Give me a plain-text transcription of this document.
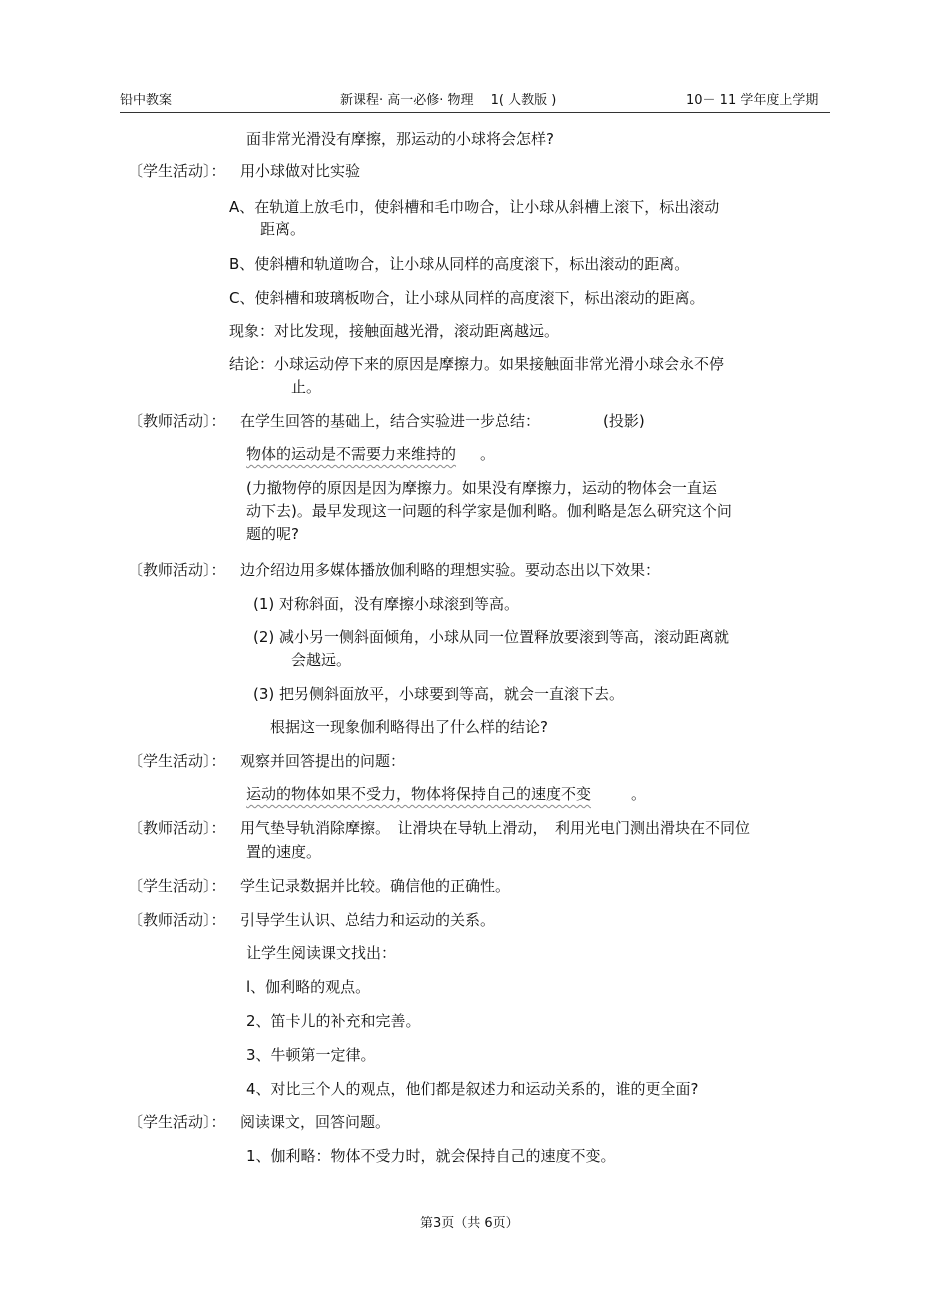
铅中教案	新课程· 高一必修· 物理　 1( 人教版 )	10－ 11 学年度上学期
面非常光滑没有摩擦，那运动的小球将会怎样?
〔学生活动〕： 用小球做对比实验
A、在轨道上放毛巾，使斜槽和毛巾吻合，让小球从斜槽上滚下，标出滚动
距离。
B、使斜槽和轨道吻合，让小球从同样的高度滚下，标出滚动的距离。
C、使斜槽和玻璃板吻合，让小球从同样的高度滚下，标出滚动的距离。
现象：对比发现，接触面越光滑，滚动距离越远。
结论：小球运动停下来的原因是摩擦力。如果接触面非常光滑小球会永不停
止。
〔教师活动〕： 在学生回答的基础上，结合实验进一步总结：	(投影)
物体的运动是不需要力来维持的 。
(力撤物停的原因是因为摩擦力。如果没有摩擦力，运动的物体会一直运
动下去)。最早发现这一问题的科学家是伽利略。伽利略是怎么研究这个问
题的呢?
〔教师活动〕： 边介绍边用多媒体播放伽利略的理想实验。要动态出以下效果：
(1) 对称斜面，没有摩擦小球滚到等高。
(2) 减小另一侧斜面倾角，小球从同一位置释放要滚到等高，滚动距离就
会越远。
(3) 把另侧斜面放平，小球要到等高，就会一直滚下去。
根据这一现象伽利略得出了什么样的结论?
〔学生活动〕： 观察并回答提出的问题：
运动的物体如果不受力，物体将保持自己的速度不变	。
〔教师活动〕： 用气垫导轨消除摩擦。　让滑块在导轨上滑动，　利用光电门测出滑块在不同位
置的速度。
〔学生活动〕： 学生记录数据并比较。确信他的正确性。
〔教师活动〕： 引导学生认识、总结力和运动的关系。
让学生阅读课文找出：
l、伽利略的观点。
2、笛卡儿的补充和完善。
3、牛顿第一定律。
4、对比三个人的观点，他们都是叙述力和运动关系的，谁的更全面?
〔学生活动〕： 阅读课文，回答问题。
1、伽利略：物体不受力时，就会保持自己的速度不变。
第3页（共 6页）
